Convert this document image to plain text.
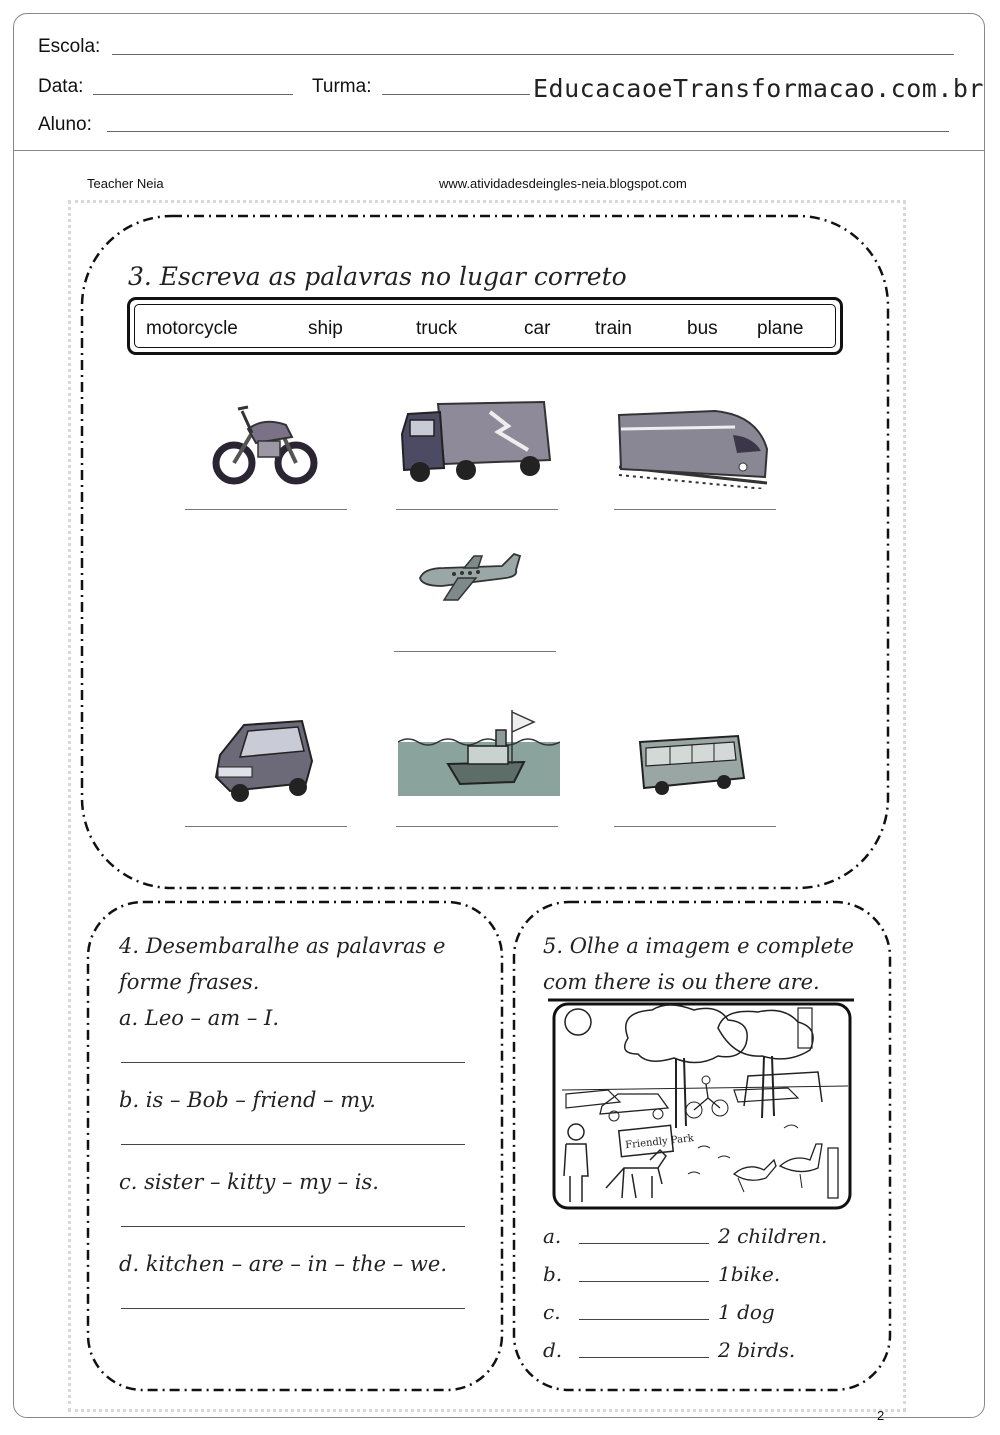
Escola:
Data:	Turma:	EducacaoeTransformacao.com.br
Aluno:
Teacher Neia	www.atividadesdeingles-neia.blogspot.com
3. Escreva as palavras no lugar correto
motorcycle	ship	truck	car train	bus plane
4. Desembaralhe as palavras e
forme frases.
a. Leo – am – I.
b. is – Bob – friend – my.
c. sister – kitty – my – is.
d. kitchen – are – in – the – we.
5. Olhe a imagem e complete
com there is ou there are.
Friendly Park
a.	2 children.
b.	1bike.
c.	1 dog
d.	2 birds.
2
